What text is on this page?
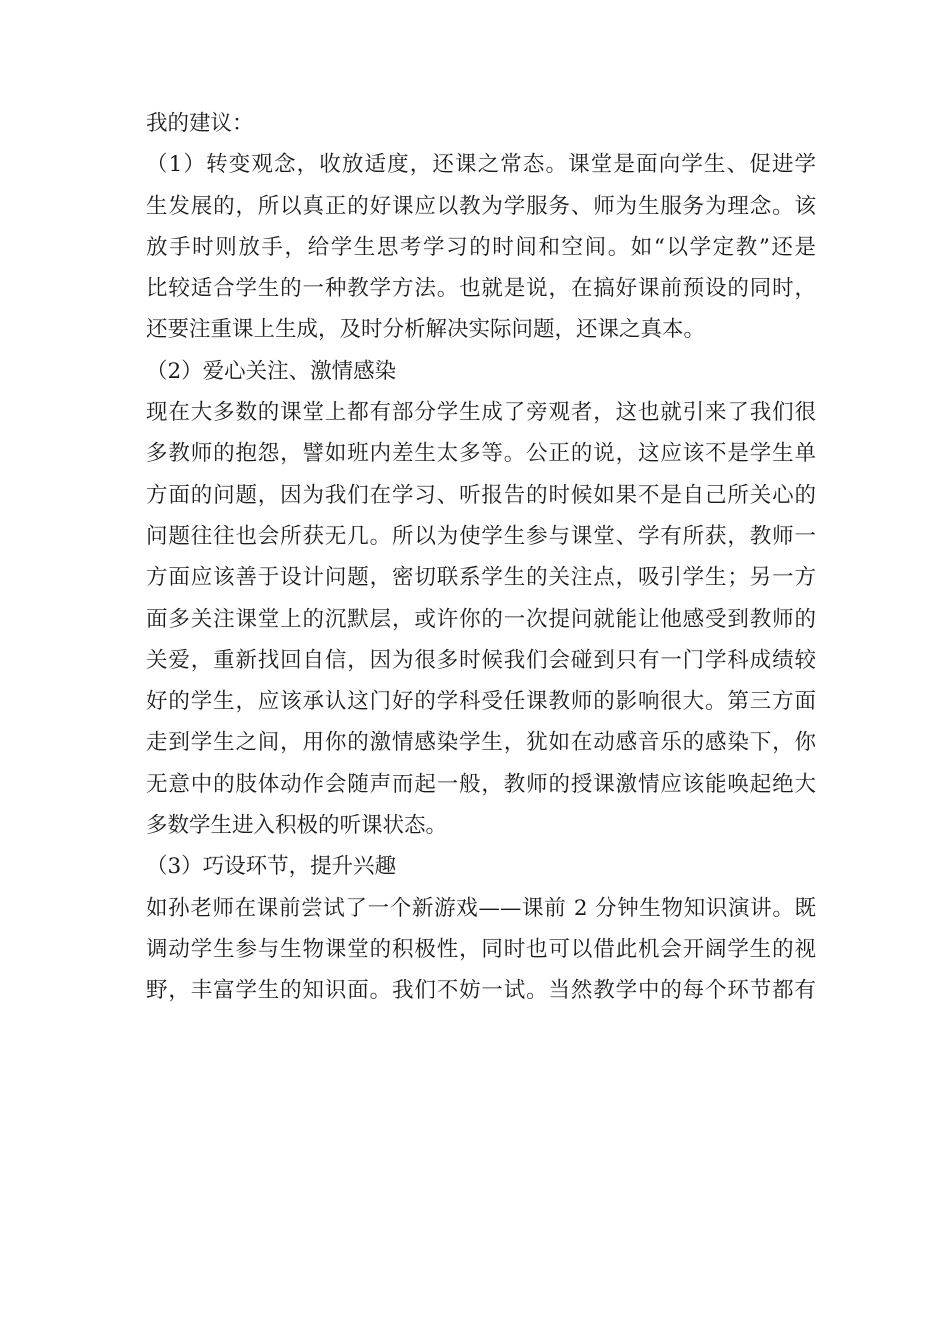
我的建议：
（1）转变观念，收放适度，还课之常态。课堂是面向学生、促进学
生发展的，所以真正的好课应以教为学服务、师为生服务为理念。该
放手时则放手，给学生思考学习的时间和空间。如“以学定教”还是
比较适合学生的一种教学方法。也就是说，在搞好课前预设的同时，
还要注重课上生成，及时分析解决实际问题，还课之真本。
（2）爱心关注、激情感染
现在大多数的课堂上都有部分学生成了旁观者，这也就引来了我们很
多教师的抱怨，譬如班内差生太多等。公正的说，这应该不是学生单
方面的问题，因为我们在学习、听报告的时候如果不是自己所关心的
问题往往也会所获无几。所以为使学生参与课堂、学有所获，教师一
方面应该善于设计问题，密切联系学生的关注点，吸引学生；另一方
面多关注课堂上的沉默层，或许你的一次提问就能让他感受到教师的
关爱，重新找回自信，因为很多时候我们会碰到只有一门学科成绩较
好的学生，应该承认这门好的学科受任课教师的影响很大。第三方面
走到学生之间，用你的激情感染学生，犹如在动感音乐的感染下，你
无意中的肢体动作会随声而起一般，教师的授课激情应该能唤起绝大
多数学生进入积极的听课状态。
（3）巧设环节，提升兴趣
如孙老师在课前尝试了一个新游戏——课前 2 分钟生物知识演讲。既
调动学生参与生物课堂的积极性，同时也可以借此机会开阔学生的视
野，丰富学生的知识面。我们不妨一试。当然教学中的每个环节都有
